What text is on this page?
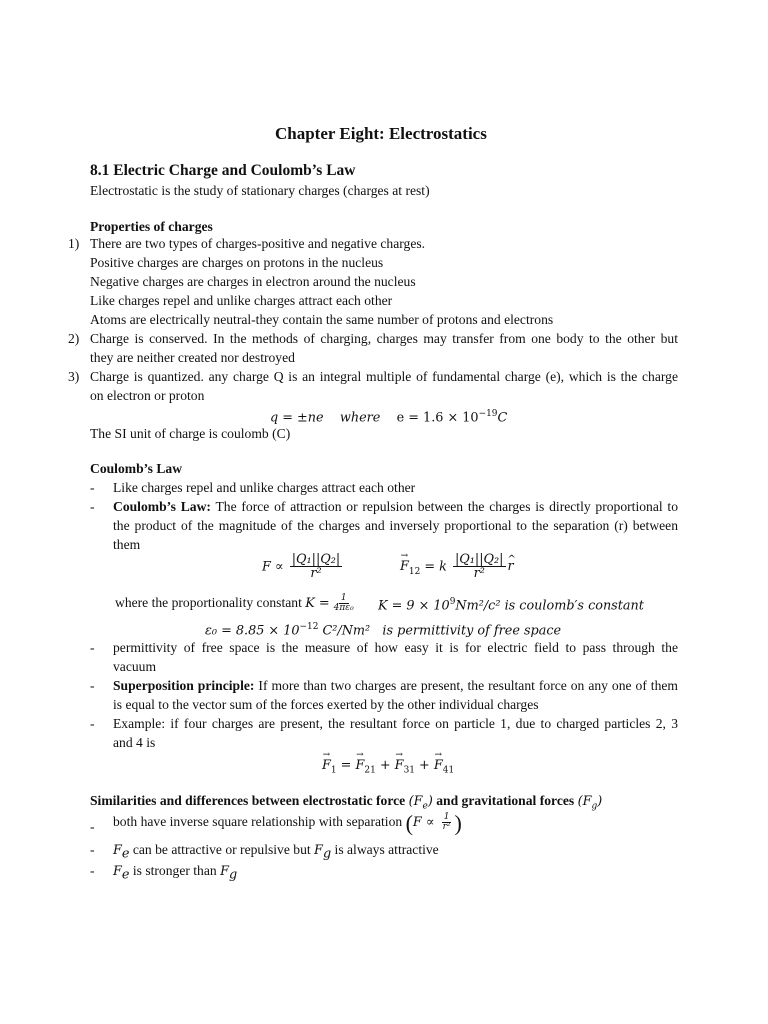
Chapter Eight: Electrostatics
8.1 Electric Charge and Coulomb’s Law
Electrostatic is the study of stationary charges (charges at rest)
Properties of charges
1) There are two types of charges-positive and negative charges.
Positive charges are charges on protons in the nucleus
Negative charges are charges in electron around the nucleus
Like charges repel and unlike charges attract each other
Atoms are electrically neutral-they contain the same number of protons and electrons
2) Charge is conserved. In the methods of charging, charges may transfer from one body to the other but
they are neither created nor destroyed
3) Charge is quantized. any charge Q is an integral multiple of fundamental charge (e), which is the charge
on electron or proton
q = ±ne where $e = 1.6 \times 10^{-19}C$
The SI unit of charge is coulomb (C)
Coulomb’s Law
- Like charges repel and unlike charges attract each other
- Coulomb’s Law: The force of attraction or repulsion between the charges is directly proportional to
the product of the magnitude of the charges and inversely proportional to the separation (r) between
them
$F \propto \frac{\text{|Q₁||Q₂|}}{\text{r²}}$	→ $F_{12} = k \frac{\text{|Q₁||Q₂|}}{\text{r²}}$ ^ r
where the proportionality constant $K = \frac{1}{\text{4πε₀}}$ $K = 9 \times 10^9Nm^2/c^2$ is coulomb′s constant
$\varepsilon_0 = 8.85 \times 10^{-12}$ C²/Nm² is permittivity of free space
- permittivity of free space is the measure of how easy it is for electric field to pass through the
vacuum
- Superposition principle: If more than two charges are present, the resultant force on any one of them
is equal to the vector sum of the forces exerted by the other individual charges
- Example: if four charges are present, the resultant force on particle 1, due to charged particles 2, 3
and 4 is
→ $F_1$ = → $F_{21}$ + → $F_{31}$ + → $F_{41}$
Similarities and differences between electrostatic force $(F_e)$ and gravitational forces $(F_g)$
- both have inverse square relationship with separation ($F \propto \frac{1}{\text{r²}}$ )
- $F_e$ can be attractive or repulsive but $F_g$ is always attractive
- $F_e$ is stronger than $F_g$
